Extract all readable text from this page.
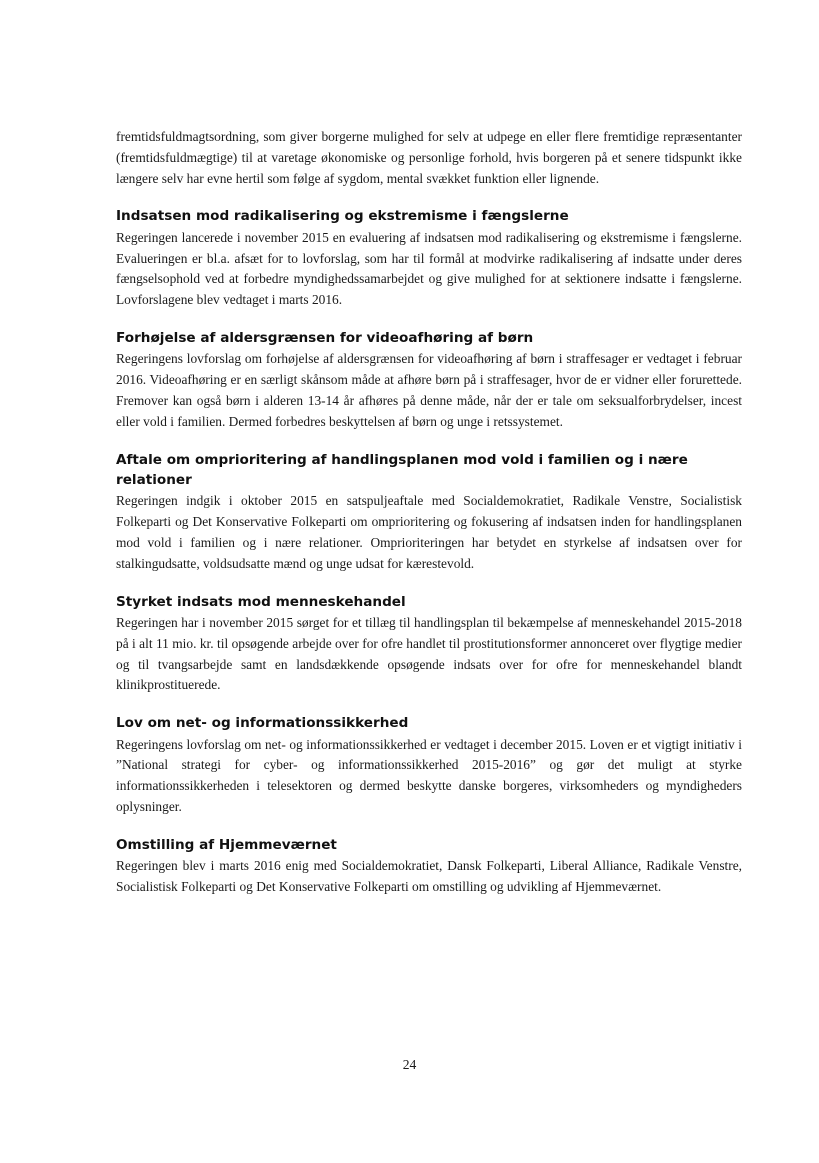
fremtidsfuldmagtsordning, som giver borgerne mulighed for selv at udpege en eller flere fremtidige repræsentanter (fremtidsfuldmægtige) til at varetage økonomiske og personlige forhold, hvis borgeren på et senere tidspunkt ikke længere selv har evne hertil som følge af sygdom, mental svækket funktion eller lignende.

Indsatsen mod radikalisering og ekstremisme i fængslerne

Regeringen lancerede i november 2015 en evaluering af indsatsen mod radikalisering og ekstremisme i fængslerne. Evalueringen er bl.a. afsæt for to lovforslag, som har til formål at modvirke radikalisering af indsatte under deres fængselsophold ved at forbedre myndighedssamarbejdet og give mulighed for at sektionere indsatte i fængslerne. Lovforslagene blev vedtaget i marts 2016.

Forhøjelse af aldersgrænsen for videoafhøring af børn

Regeringens lovforslag om forhøjelse af aldersgrænsen for videoafhøring af børn i straffesager er vedtaget i februar 2016. Videoafhøring er en særligt skånsom måde at afhøre børn på i straffesager, hvor de er vidner eller forurettede. Fremover kan også børn i alderen 13-14 år afhøres på denne måde, når der er tale om seksualforbrydelser, incest eller vold i familien. Dermed forbedres beskyttelsen af børn og unge i retssystemet.

Aftale om omprioritering af handlingsplanen mod vold i familien og i nære relationer

Regeringen indgik i oktober 2015 en satspuljeaftale med Socialdemokratiet, Radikale Venstre, Socialistisk Folkeparti og Det Konservative Folkeparti om omprioritering og fokusering af indsatsen inden for handlingsplanen mod vold i familien og i nære relationer. Omprioriteringen har betydet en styrkelse af indsatsen over for stalkingudsatte, voldsudsatte mænd og unge udsat for kærestevold.

Styrket indsats mod menneskehandel

Regeringen har i november 2015 sørget for et tillæg til handlingsplan til bekæmpelse af menneskehandel 2015-2018 på i alt 11 mio. kr. til opsøgende arbejde over for ofre handlet til prostitutionsformer annonceret over flygtige medier og til tvangsarbejde samt en landsdækkende opsøgende indsats over for ofre for menneskehandel blandt klinikprostituerede.

Lov om net- og informationssikkerhed

Regeringens lovforslag om net- og informationssikkerhed er vedtaget i december 2015. Loven er et vigtigt initiativ i ”National strategi for cyber- og informationssikkerhed 2015-2016” og gør det muligt at styrke informationssikkerheden i telesektoren og dermed beskytte danske borgeres, virksomheders og myndigheders oplysninger.

Omstilling af Hjemmeværnet

Regeringen blev i marts 2016 enig med Socialdemokratiet, Dansk Folkeparti, Liberal Alliance, Radikale Venstre, Socialistisk Folkeparti og Det Konservative Folkeparti om omstilling og udvikling af Hjemmeværnet.

24
